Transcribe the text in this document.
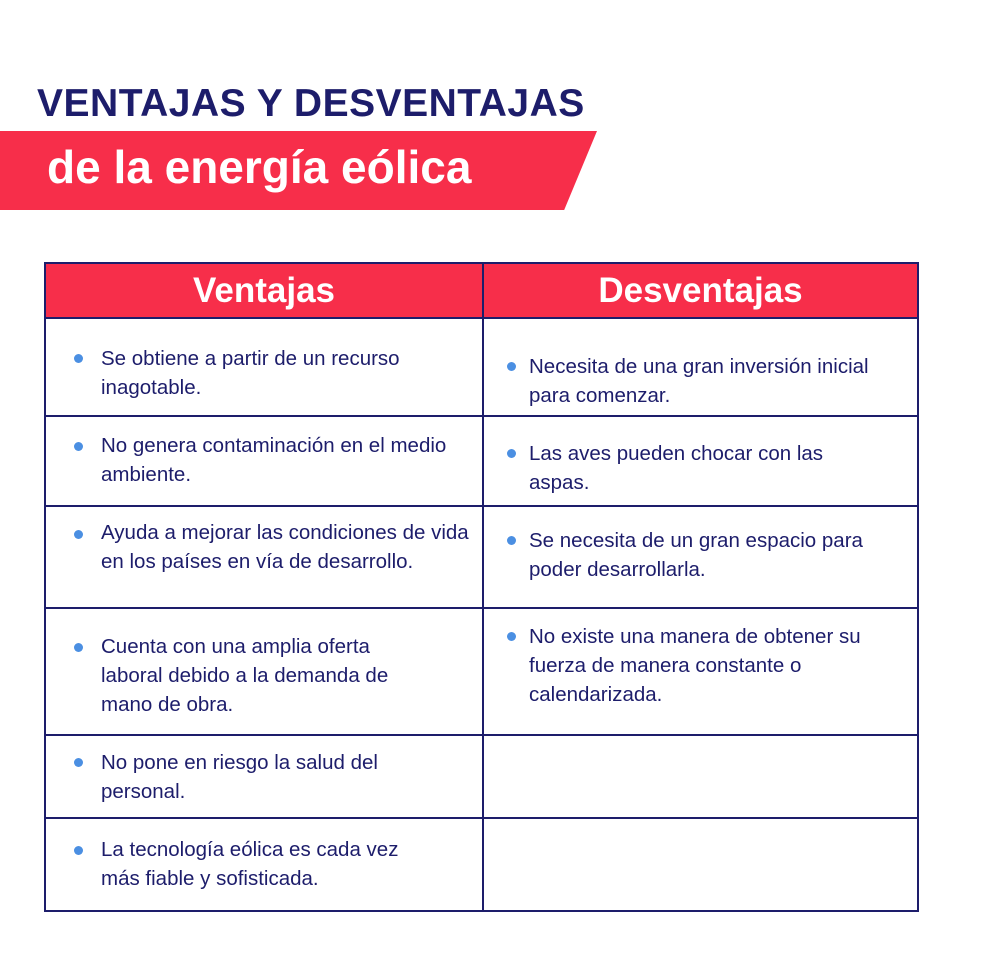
VENTAJAS Y DESVENTAJAS
de la energía eólica
Ventajas	Desventajas
Se obtiene a partir de un recurso inagotable.
No genera contaminación en el medio ambiente.
Ayuda a mejorar las condiciones de vida en los países en vía de desarrollo.
Cuenta con una amplia oferta laboral debido a la demanda de mano de obra.
No pone en riesgo la salud del personal.
La tecnología eólica es cada vez más fiable y sofisticada.
Necesita de una gran inversión inicial para comenzar.
Las aves pueden chocar con las aspas.
Se necesita de un gran espacio para poder desarrollarla.
No existe una manera de obtener su fuerza de manera constante o calendarizada.
